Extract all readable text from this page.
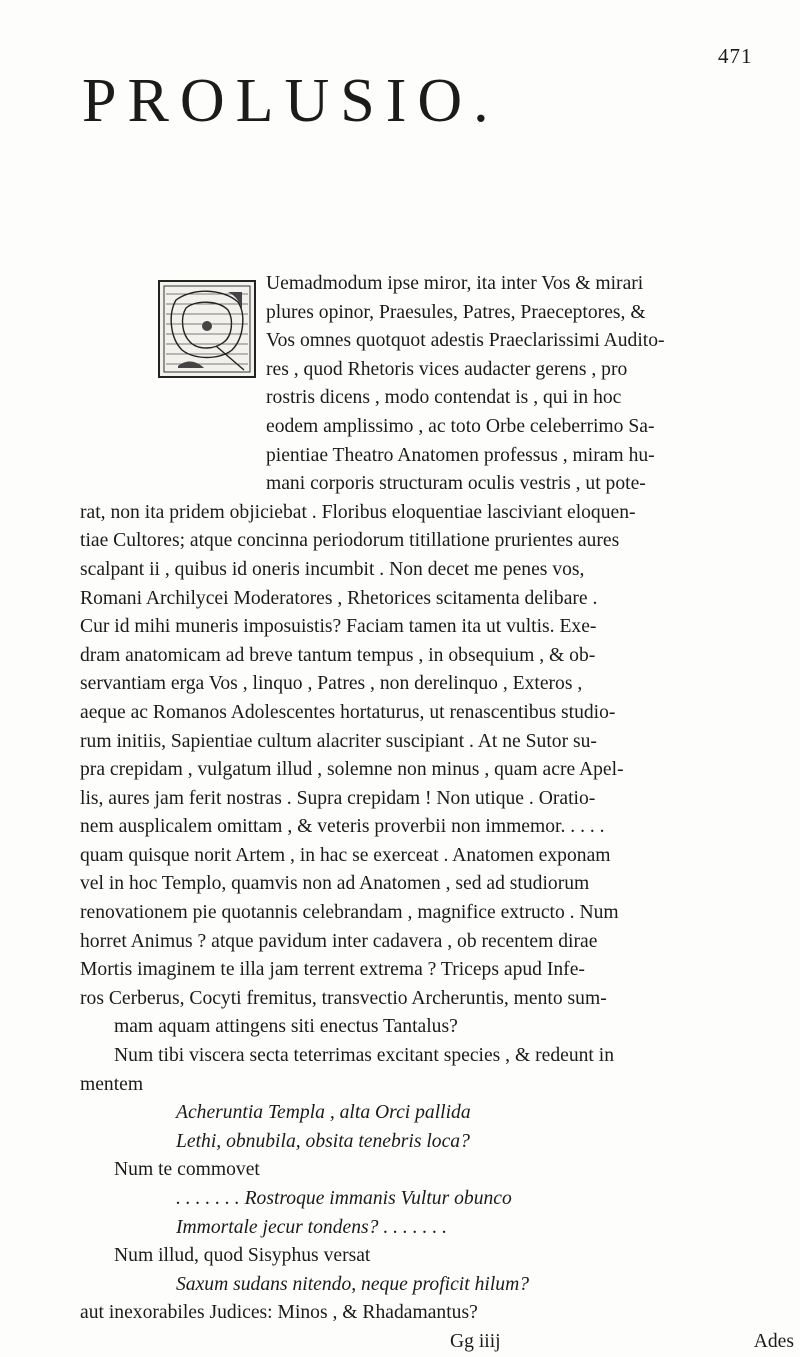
471
PROLUSIO.
Uemadmodum ipse miror, ita inter Vos & mirari
plures opinor, Praesules, Patres, Praeceptores, &
Vos omnes quotquot adestis Praeclarissimi Audito-
res , quod Rhetoris vices audacter gerens , pro
rostris dicens , modo contendat is , qui in hoc
eodem amplissimo , ac toto Orbe celeberrimo Sa-
pientiae Theatro Anatomen professus , miram hu-
mani corporis structuram oculis vestris , ut pote-
rat, non ita pridem objiciebat . Floribus eloquentiae lasciviant eloquen-
tiae Cultores; atque concinna periodorum titillatione prurientes aures
scalpant ii , quibus id oneris incumbit . Non decet me penes vos,
Romani Archilycei Moderatores , Rhetorices scitamenta delibare .
Cur id mihi muneris imposuistis? Faciam tamen ita ut vultis. Exe-
dram anatomicam ad breve tantum tempus , in obsequium , & ob-
servantiam erga Vos , linquo , Patres , non derelinquo , Exteros ,
aeque ac Romanos Adolescentes hortaturus, ut renascentibus studio-
rum initiis, Sapientiae cultum alacriter suscipiant . At ne Sutor su-
pra crepidam , vulgatum illud , solemne non minus , quam acre Apel-
lis, aures jam ferit nostras . Supra crepidam ! Non utique . Oratio-
nem ausplicalem omittam , & veteris proverbii non immemor. . . . .
quam quisque norit Artem , in hac se exerceat . Anatomen exponam
vel in hoc Templo, quamvis non ad Anatomen , sed ad studiorum
renovationem pie quotannis celebrandam , magnifice extructo . Num
horret Animus ? atque pavidum inter cadavera , ob recentem dirae
Mortis imaginem te illa jam terrent extrema ? Triceps apud Infe-
ros Cerberus, Cocyti fremitus, transvectio Archeruntis, mento sum-
mam aquam attingens siti enectus Tantalus?
Num tibi viscera secta teterrimas excitant species , & redeunt in
mentem
Acheruntia Templa , alta Orci pallida
Lethi, obnubila, obsita tenebris loca?
Num te commovet
. . . . . . . Rostroque immanis Vultur obunco
Immortale jecur tondens? . . . . . . .
Num illud, quod Sisyphus versat
Saxum sudans nitendo, neque proficit hilum?
aut inexorabiles Judices: Minos , & Rhadamantus?
Gg iiij	Ades
